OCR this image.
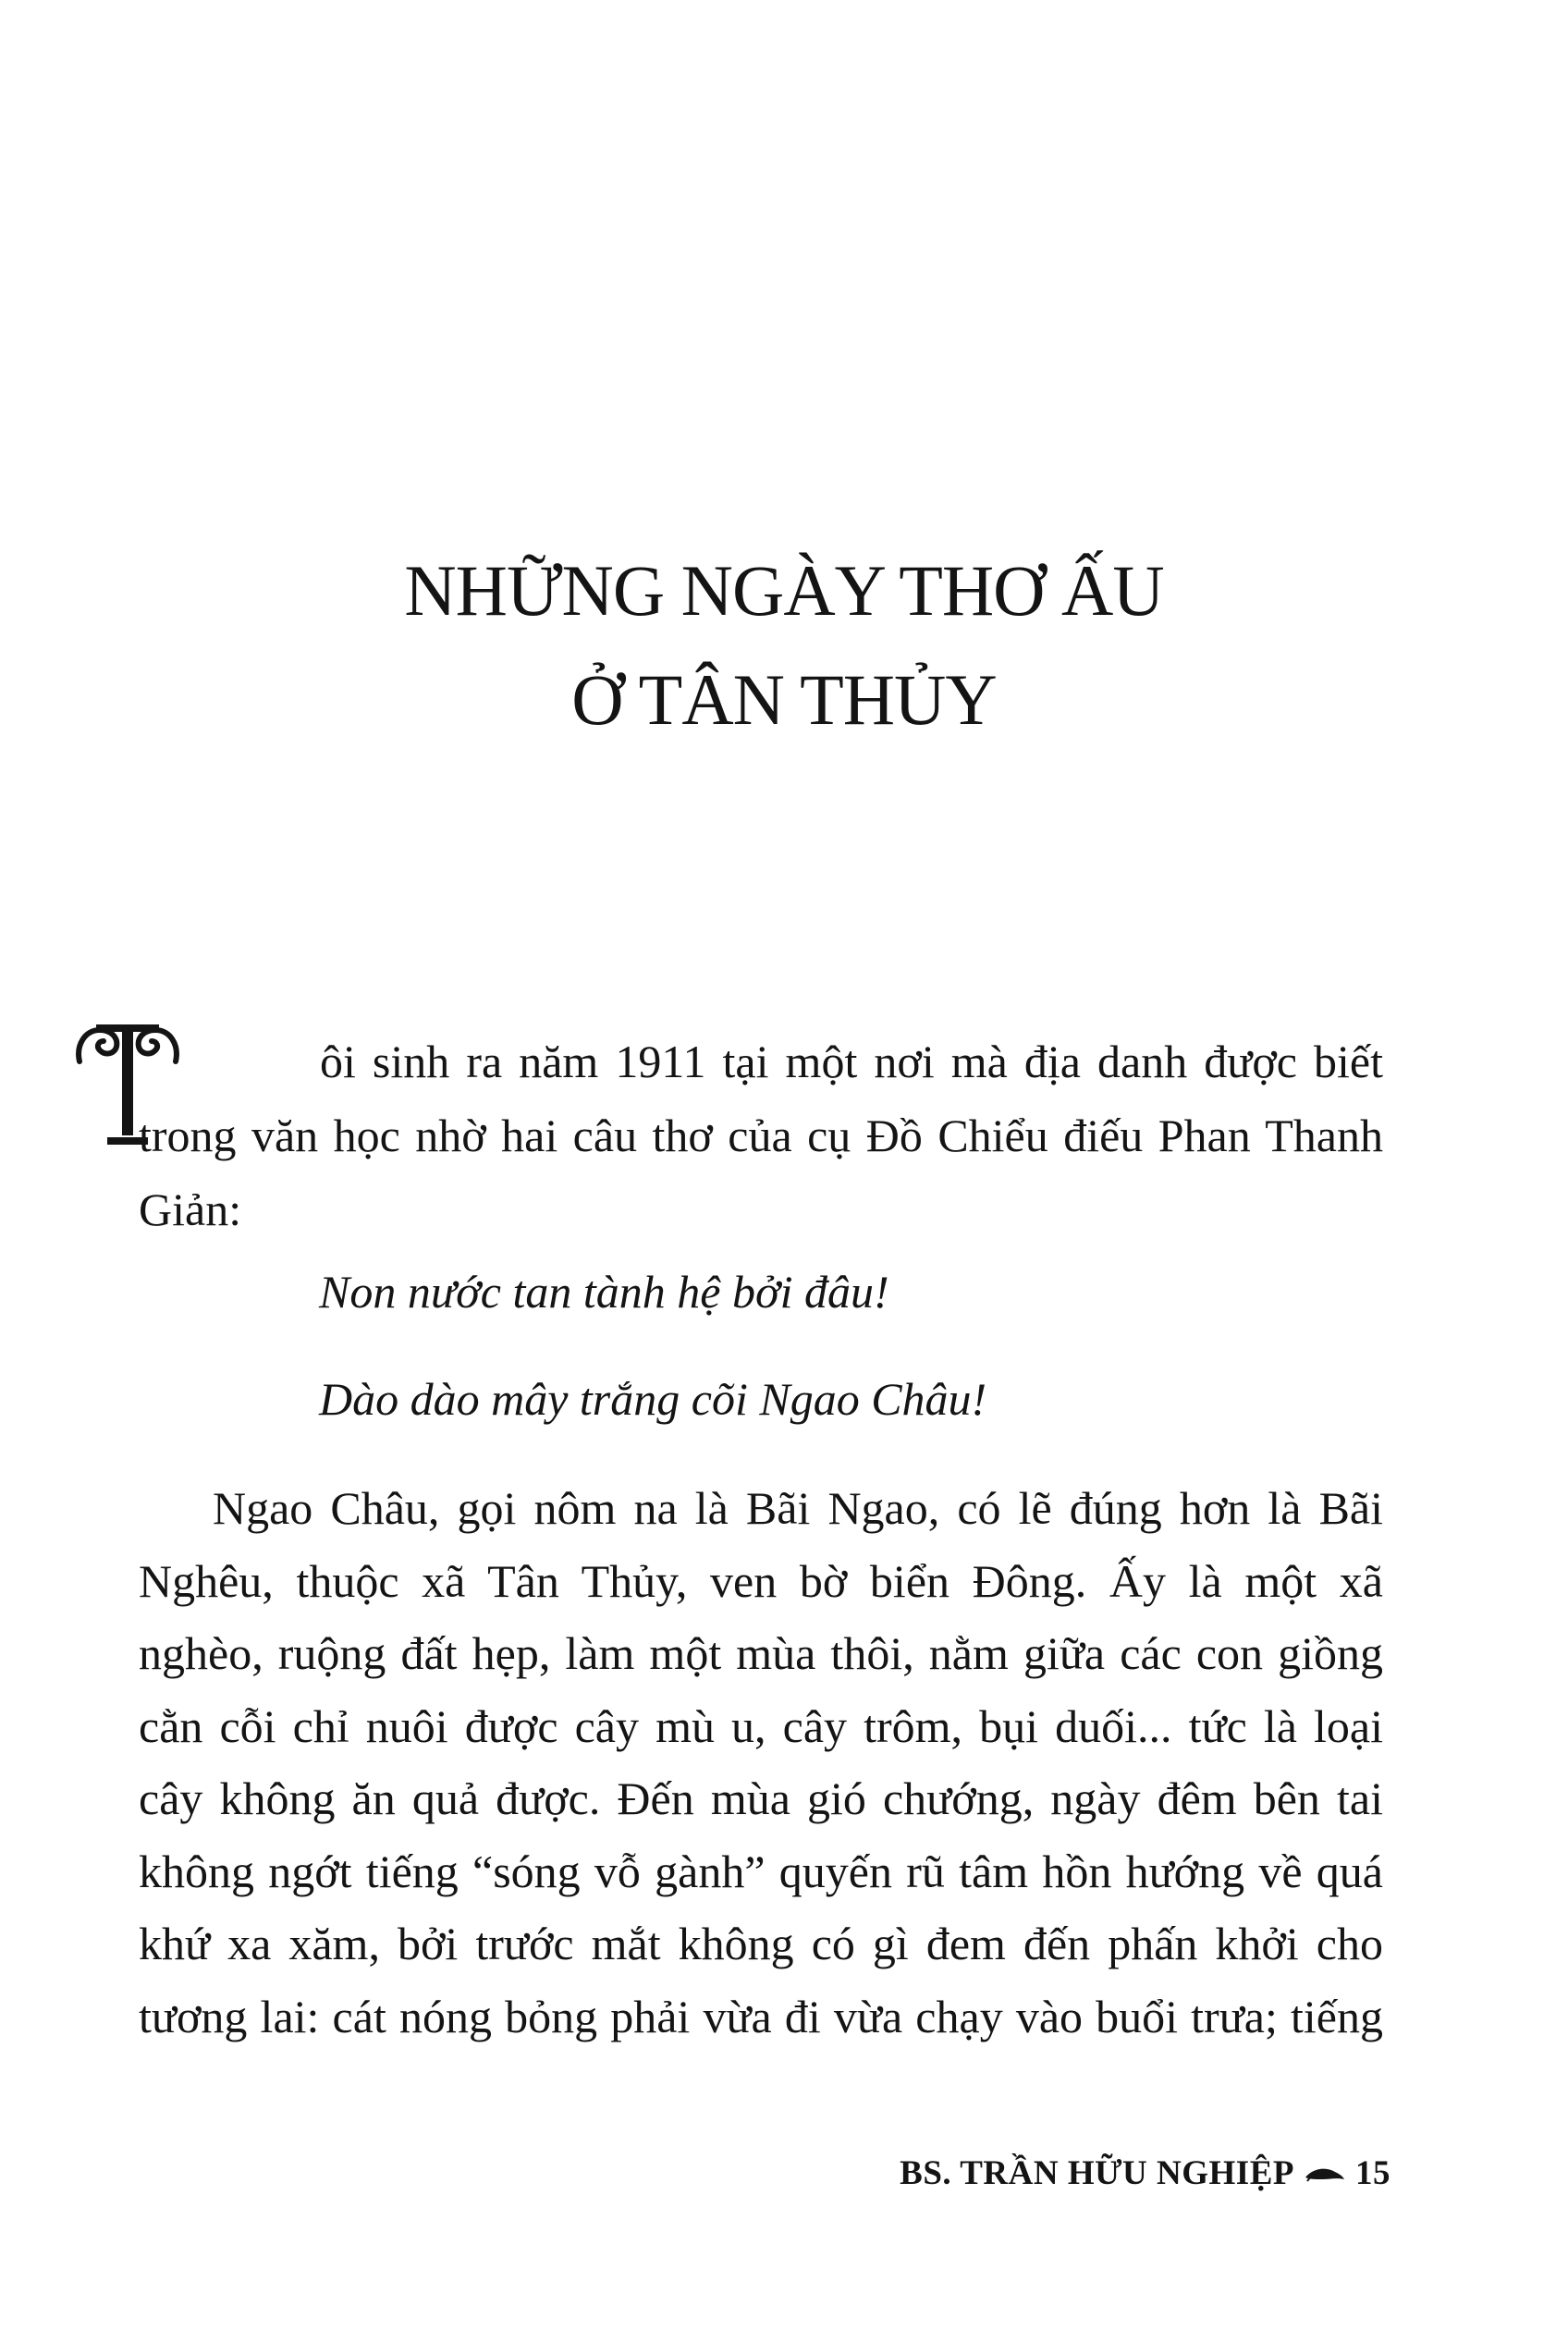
NHỮNG NGÀY THƠ ẤU
Ở TÂN THỦY
ôi sinh ra năm 1911 tại một nơi mà địa danh được biết trong văn học nhờ hai câu thơ của cụ Đồ Chiểu điếu Phan Thanh Giản:
Non nước tan tành hệ bởi đâu!
Dào dào mây trắng cõi Ngao Châu!
Ngao Châu, gọi nôm na là Bãi Ngao, có lẽ đúng hơn là Bãi Nghêu, thuộc xã Tân Thủy, ven bờ biển Đông. Ấy là một xã nghèo, ruộng đất hẹp, làm một mùa thôi, nằm giữa các con giồng cằn cỗi chỉ nuôi được cây mù u, cây trôm, bụi duối... tức là loại cây không ăn quả được. Đến mùa gió chướng, ngày đêm bên tai không ngớt tiếng “sóng vỗ gành” quyến rũ tâm hồn hướng về quá khứ xa xăm, bởi trước mắt không có gì đem đến phấn khởi cho tương lai: cát nóng bỏng phải vừa đi vừa chạy vào buổi trưa; tiếng
BS. TRẦN HỮU NGHIỆP 15
